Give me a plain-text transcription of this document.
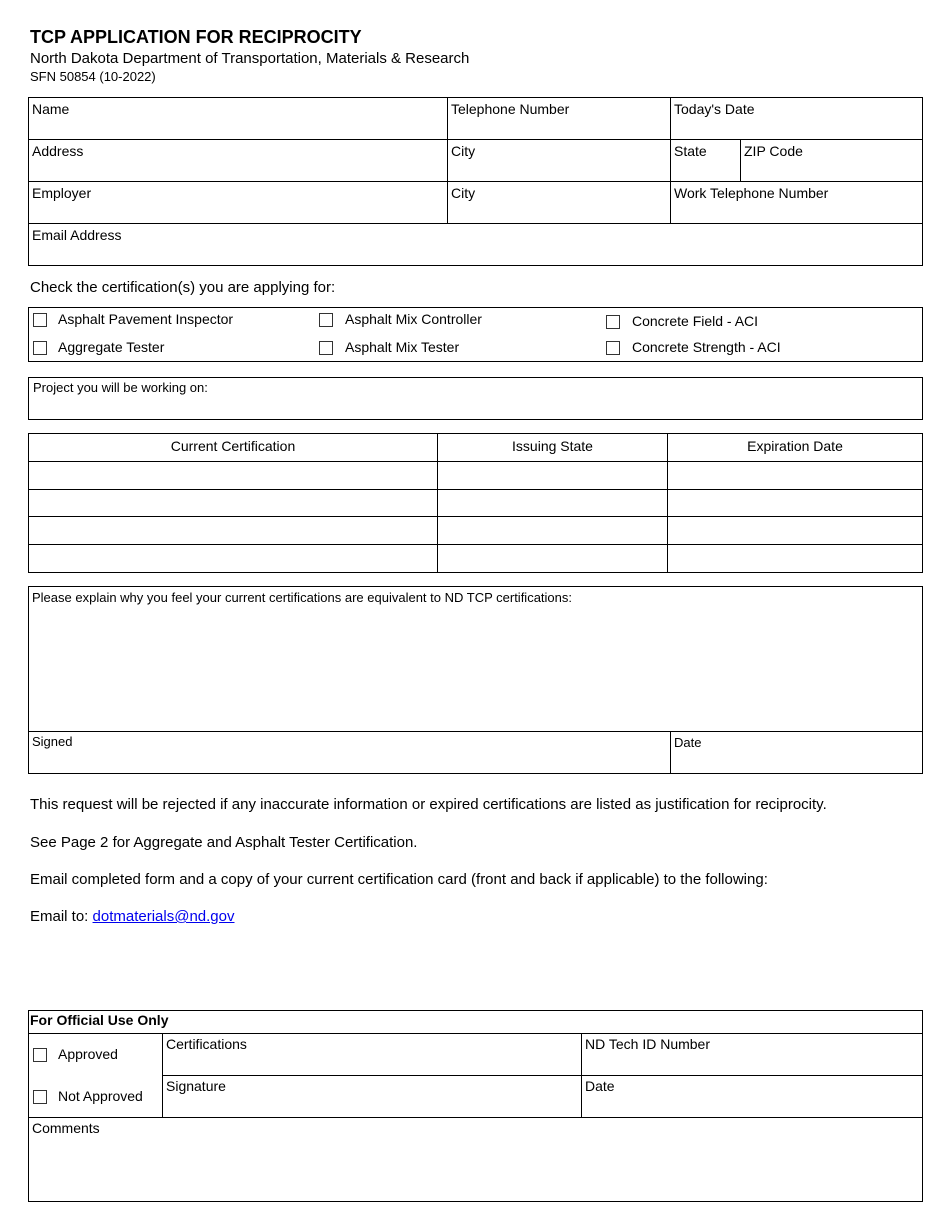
TCP APPLICATION FOR RECIPROCITY
North Dakota Department of Transportation, Materials & Research
SFN 50854 (10-2022)
Name	Telephone Number	Today's Date
Address	City	State	ZIP Code
Employer	City	Work Telephone Number
Email Address
Check the certification(s) you are applying for:
Asphalt Pavement Inspector	Asphalt Mix Controller	Concrete Field - ACI
Aggregate Tester	Asphalt Mix Tester	Concrete Strength - ACI
Project you will be working on:
Current Certification	Issuing State	Expiration Date
Please explain why you feel your current certifications are equivalent to ND TCP certifications:
Signed	Date
This request will be rejected if any inaccurate information or expired certifications are listed as justification for reciprocity.
See Page 2 for Aggregate and Asphalt Tester Certification.
Email completed form and a copy of your current certification card (front and back if applicable) to the following:
Email to: dotmaterials@nd.gov
For Official Use Only
Approved
Not Approved
Certifications	ND Tech ID Number
Signature	Date
Comments
